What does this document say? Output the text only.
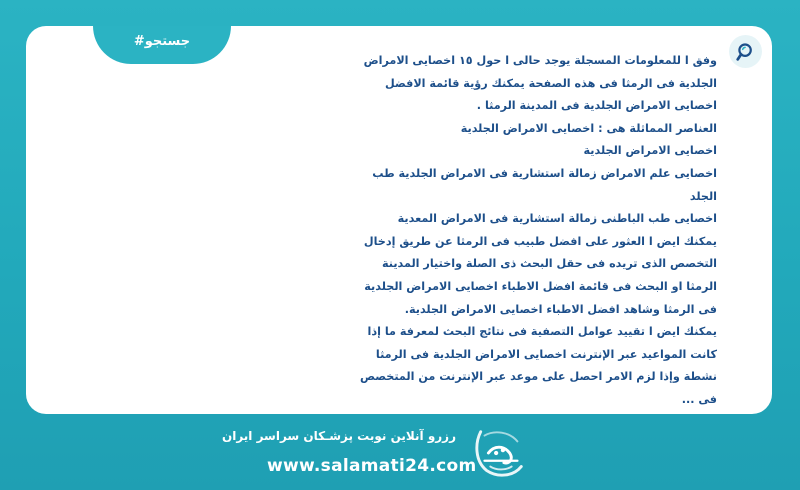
#جستجو

وفق ا للمعلومات المسجلة يوجد حالى ا حول ١٥ اخصايى الامراض الجلدية فى الرمثا فى هذه الصفحة يمكنك رؤية قائمة الافضل اخصايى الامراض الجلدية فى المدينة الرمثا .

العناصر المماثلة هى : اخصايى الامراض الجلدية

اخصايى الامراض الجلدية

اخصايى علم الامراض زمالة استشارية فى الامراض الجلدية طب الجلد

اخصايى طب الباطنى زمالة استشارية فى الامراض المعدية

يمكنك ايض ا العثور على افضل طبيب فى الرمثا عن طريق إدخال التخصص الذى تريده فى حقل البحث ذى الصلة واختيار المدينة الرمثا او البحث فى قائمة افضل الاطباء اخصايى الامراض الجلدية فى الرمثا وشاهد افضل الاطباء اخصايى الامراض الجلدية.

يمكنك ايض ا تقييد عوامل التصفية فى نتائج البحث لمعرفة ما إذا كانت المواعيد عبر الإنترنت اخصايى الامراض الجلدية فى الرمثا نشطة وإذا لزم الامر احصل على موعد عبر الإنترنت من المتخصص فى ...

رزرو آنلاین نوبت پزشـکان سراسر ایران
www.salamati24.com
